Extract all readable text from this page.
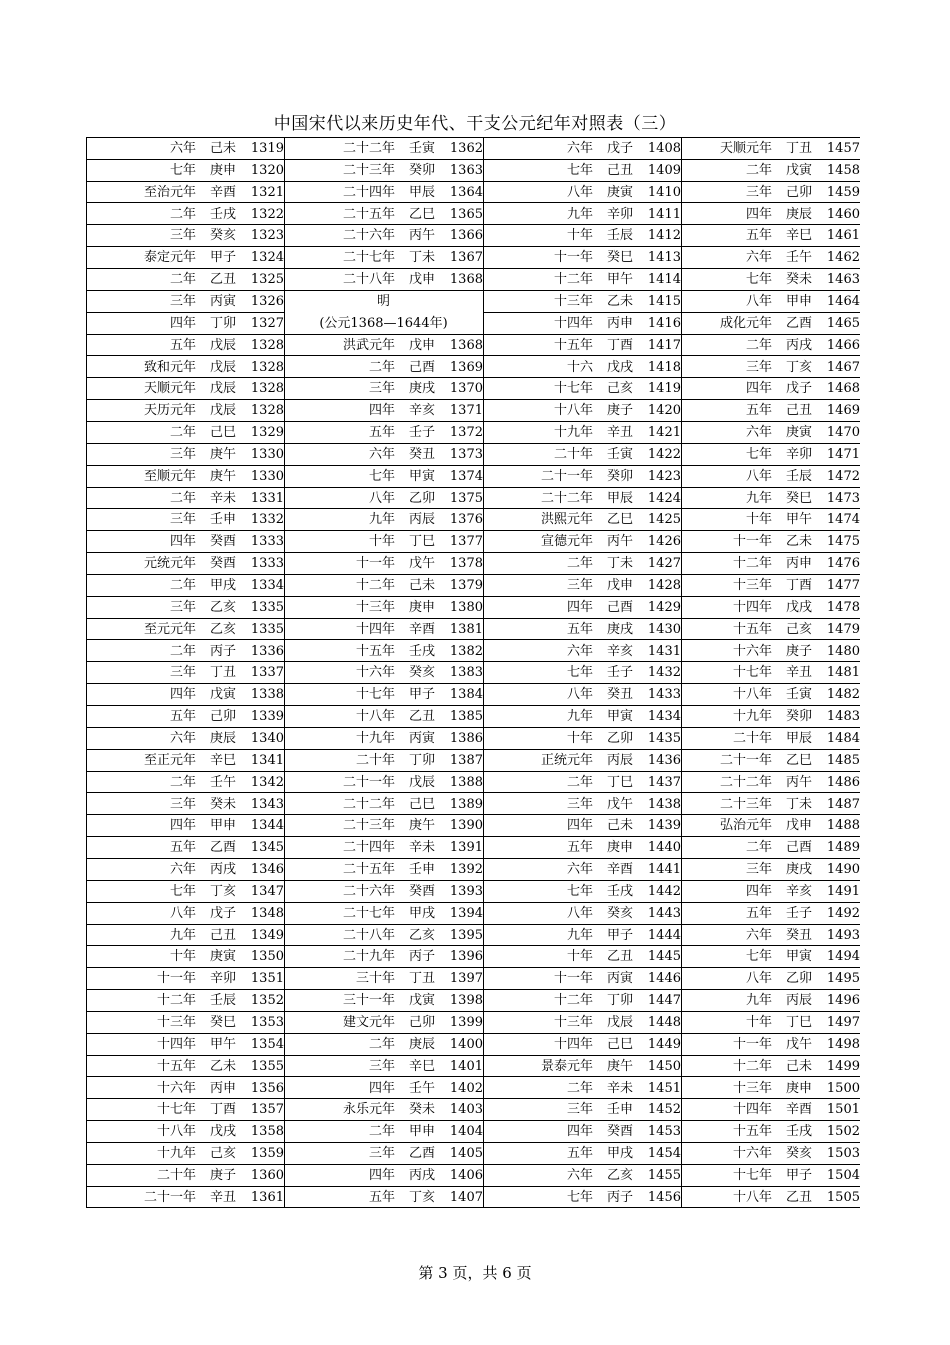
中国宋代以来历史年代、干支公元纪年对照表（三）
六年 己未	1319
七年 庚申	1320
至治元年 辛酉	1321
二年 壬戌	1322
三年 癸亥	1323
泰定元年 甲子	1324
二年 乙丑	1325
三年 丙寅	1326
四年 丁卯	1327
五年 戊辰	1328
致和元年 戊辰	1328
天顺元年 戊辰	1328
天历元年 戊辰	1328
二年 己巳	1329
三年 庚午	1330
至顺元年 庚午	1330
二年 辛未	1331
三年 壬申	1332
四年 癸酉	1333
元统元年 癸酉	1333
二年 甲戌	1334
三年 乙亥	1335
至元元年 乙亥	1335
二年 丙子	1336
三年 丁丑	1337
四年 戊寅	1338
五年 己卯	1339
六年 庚辰	1340
至正元年 辛巳	1341
二年 壬午	1342
三年 癸未	1343
四年 甲申	1344
五年 乙酉	1345
六年 丙戌	1346
七年 丁亥	1347
八年 戊子	1348
九年 己丑	1349
十年 庚寅	1350
十一年 辛卯	1351
十二年 壬辰	1352
十三年 癸巳	1353
十四年 甲午	1354
十五年 乙未	1355
十六年 丙申	1356
十七年 丁酉	1357
十八年 戊戌	1358
十九年 己亥	1359
二十年 庚子	1360
二十一年 辛丑	1361
二十二年 壬寅	1362
二十三年 癸卯	1363
二十四年 甲辰	1364
二十五年 乙巳	1365
二十六年 丙午	1366
二十七年 丁未	1367
二十八年 戊申	1368
明
(公元1368—1644年)
洪武元年 戊申	1368
二年 己酉	1369
三年 庚戌	1370
四年 辛亥	1371
五年 壬子	1372
六年 癸丑	1373
七年 甲寅	1374
八年 乙卯	1375
九年 丙辰	1376
十年 丁巳	1377
十一年 戊午	1378
十二年 己未	1379
十三年 庚申	1380
十四年 辛酉	1381
十五年 壬戌	1382
十六年 癸亥	1383
十七年 甲子	1384
十八年 乙丑	1385
十九年 丙寅	1386
二十年 丁卯	1387
二十一年 戊辰	1388
二十二年 己巳	1389
二十三年 庚午	1390
二十四年 辛未	1391
二十五年 壬申	1392
二十六年 癸酉	1393
二十七年 甲戌	1394
二十八年 乙亥	1395
二十九年 丙子	1396
三十年 丁丑	1397
三十一年 戊寅	1398
建文元年 己卯	1399
二年 庚辰	1400
三年 辛巳	1401
四年 壬午	1402
永乐元年 癸未	1403
二年 甲申	1404
三年 乙酉	1405
四年 丙戌	1406
五年 丁亥	1407
六年 戊子	1408
七年 己丑	1409
八年 庚寅	1410
九年 辛卯	1411
十年 壬辰	1412
十一年 癸巳	1413
十二年 甲午	1414
十三年 乙未	1415
十四年 丙申	1416
十五年 丁酉	1417
十六 戊戌	1418
十七年 己亥	1419
十八年 庚子	1420
十九年 辛丑	1421
二十年 壬寅	1422
二十一年 癸卯	1423
二十二年 甲辰	1424
洪熙元年 乙巳	1425
宣德元年 丙午	1426
二年 丁未	1427
三年 戊申	1428
四年 己酉	1429
五年 庚戌	1430
六年 辛亥	1431
七年 壬子	1432
八年 癸丑	1433
九年 甲寅	1434
十年 乙卯	1435
正统元年 丙辰	1436
二年 丁巳	1437
三年 戊午	1438
四年 己未	1439
五年 庚申	1440
六年 辛酉	1441
七年 壬戌	1442
八年 癸亥	1443
九年 甲子	1444
十年 乙丑	1445
十一年 丙寅	1446
十二年 丁卯	1447
十三年 戊辰	1448
十四年 己巳	1449
景泰元年 庚午	1450
二年 辛未	1451
三年 壬申	1452
四年 癸酉	1453
五年 甲戌	1454
六年 乙亥	1455
七年 丙子	1456
天顺元年 丁丑	1457
二年 戊寅	1458
三年 己卯	1459
四年 庚辰	1460
五年 辛巳	1461
六年 壬午	1462
七年 癸未	1463
八年 甲申	1464
成化元年 乙酉	1465
二年 丙戌	1466
三年 丁亥	1467
四年 戊子	1468
五年 己丑	1469
六年 庚寅	1470
七年 辛卯	1471
八年 壬辰	1472
九年 癸巳	1473
十年 甲午	1474
十一年 乙未	1475
十二年 丙申	1476
十三年 丁酉	1477
十四年 戊戌	1478
十五年 己亥	1479
十六年 庚子	1480
十七年 辛丑	1481
十八年 壬寅	1482
十九年 癸卯	1483
二十年 甲辰	1484
二十一年 乙巳	1485
二十二年 丙午	1486
二十三年 丁未	1487
弘治元年 戊申	1488
二年 己酉	1489
三年 庚戌	1490
四年 辛亥	1491
五年 壬子	1492
六年 癸丑	1493
七年 甲寅	1494
八年 乙卯	1495
九年 丙辰	1496
十年 丁巳	1497
十一年 戊午	1498
十二年 己未	1499
十三年 庚申	1500
十四年 辛酉	1501
十五年 壬戌	1502
十六年 癸亥	1503
十七年 甲子	1504
十八年 乙丑	1505
第 3 页，共 6 页
